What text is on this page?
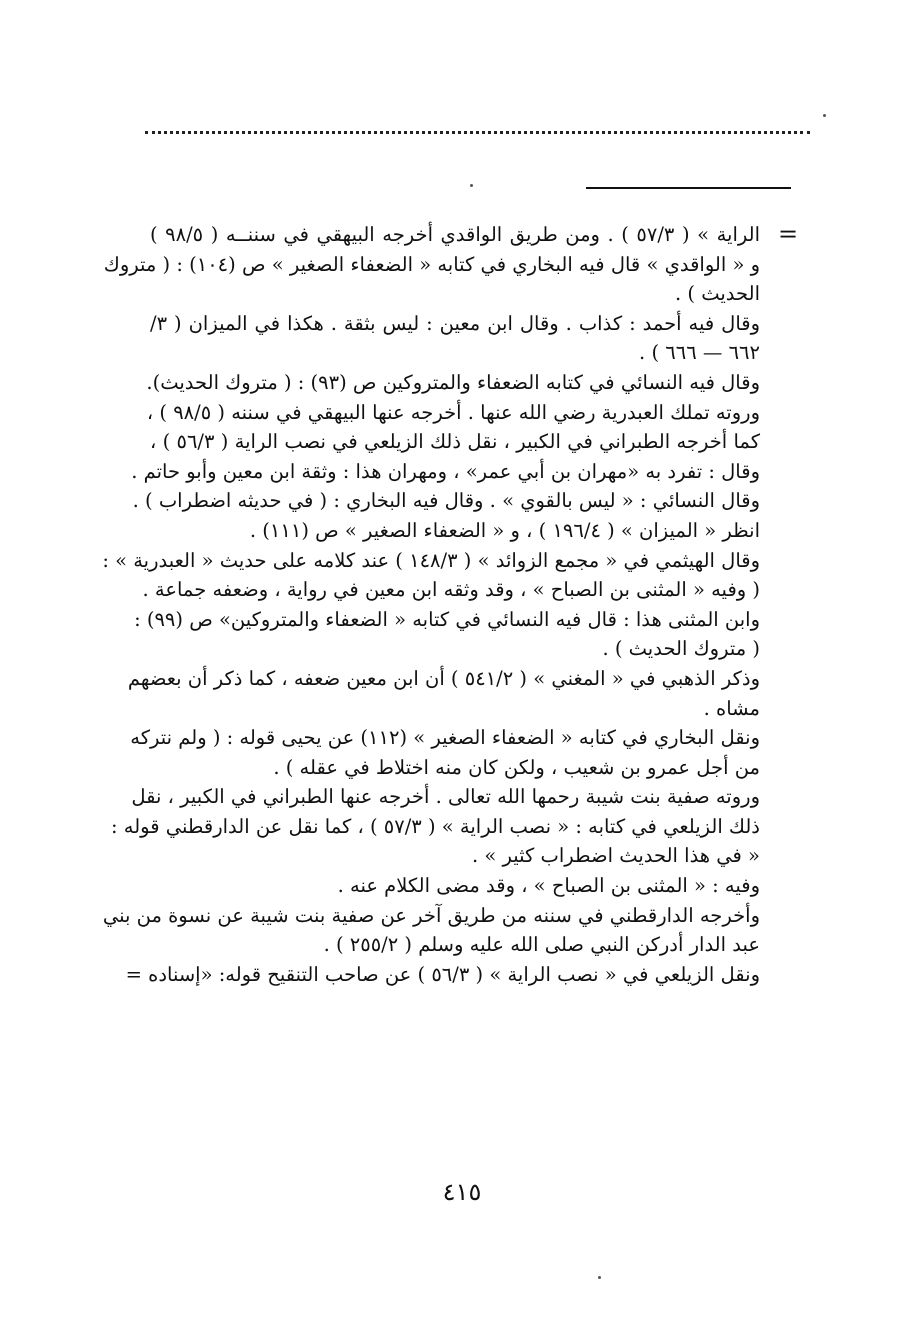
=
الراية » ( ٥٧/٣ ) . ومن طريق الواقدي أخرجه البيهقي في سننــه ( ٩٨/٥ )
و « الواقدي » قال فيه البخاري في كتابه « الضعفاء الصغير » ص (١٠٤) : ( متروك
الحديث ) .
وقال فيه أحمد : كذاب . وقال ابن معين : ليس بثقة . هكذا في الميزان ( ٣/
٦٦٢ — ٦٦٦ ) .
وقال فيه النسائي في كتابه الضعفاء والمتروكين ص (٩٣) : ( متروك الحديث).
وروته تملك العبدرية رضي الله عنها . أخرجه عنها البيهقي في سننه ( ٩٨/٥ ) ،
كما أخرجه الطبراني في الكبير ، نقل ذلك الزيلعي في نصب الراية ( ٥٦/٣ ) ،
وقال : تفرد به «مهران بن أبي عمر» ، ومهران هذا : وثقة ابن معين وأبو حاتم .
وقال النسائي : « ليس بالقوي » . وقال فيه البخاري : ( في حديثه اضطراب ) .
انظر « الميزان » ( ١٩٦/٤ ) ، و « الضعفاء الصغير » ص (١١١) .
وقال الهيثمي في « مجمع الزوائد » ( ١٤٨/٣ ) عند كلامه على حديث « العبدرية » :
( وفيه « المثنى بن الصباح » ، وقد وثقه ابن معين في رواية ، وضعفه جماعة .
وابن المثنى هذا : قال فيه النسائي في كتابه « الضعفاء والمتروكين» ص (٩٩) :
( متروك الحديث ) .
وذكر الذهبي في « المغني » ( ٥٤١/٢ ) أن ابن معين ضعفه ، كما ذكر أن بعضهم
مشاه .
ونقل البخاري في كتابه « الضعفاء الصغير » (١١٢) عن يحيى قوله : ( ولم نتركه
من أجل عمرو بن شعيب ، ولكن كان منه اختلاط في عقله ) .
وروته صفية بنت شيبة رحمها الله تعالى . أخرجه عنها الطبراني في الكبير ، نقل
ذلك الزيلعي في كتابه : « نصب الراية » ( ٥٧/٣ ) ، كما نقل عن الدارقطني قوله :
« في هذا الحديث اضطراب كثير » .
وفيه : « المثنى بن الصباح » ، وقد مضى الكلام عنه .
وأخرجه الدارقطني في سننه من طريق آخر عن صفية بنت شيبة عن نسوة من بني
عبد الدار أدركن النبي صلى الله عليه وسلم ( ٢٥٥/٢ ) .
ونقل الزيلعي في « نصب الراية » ( ٥٦/٣ ) عن صاحب التنقيح قوله: «إسناده =
٤١٥
